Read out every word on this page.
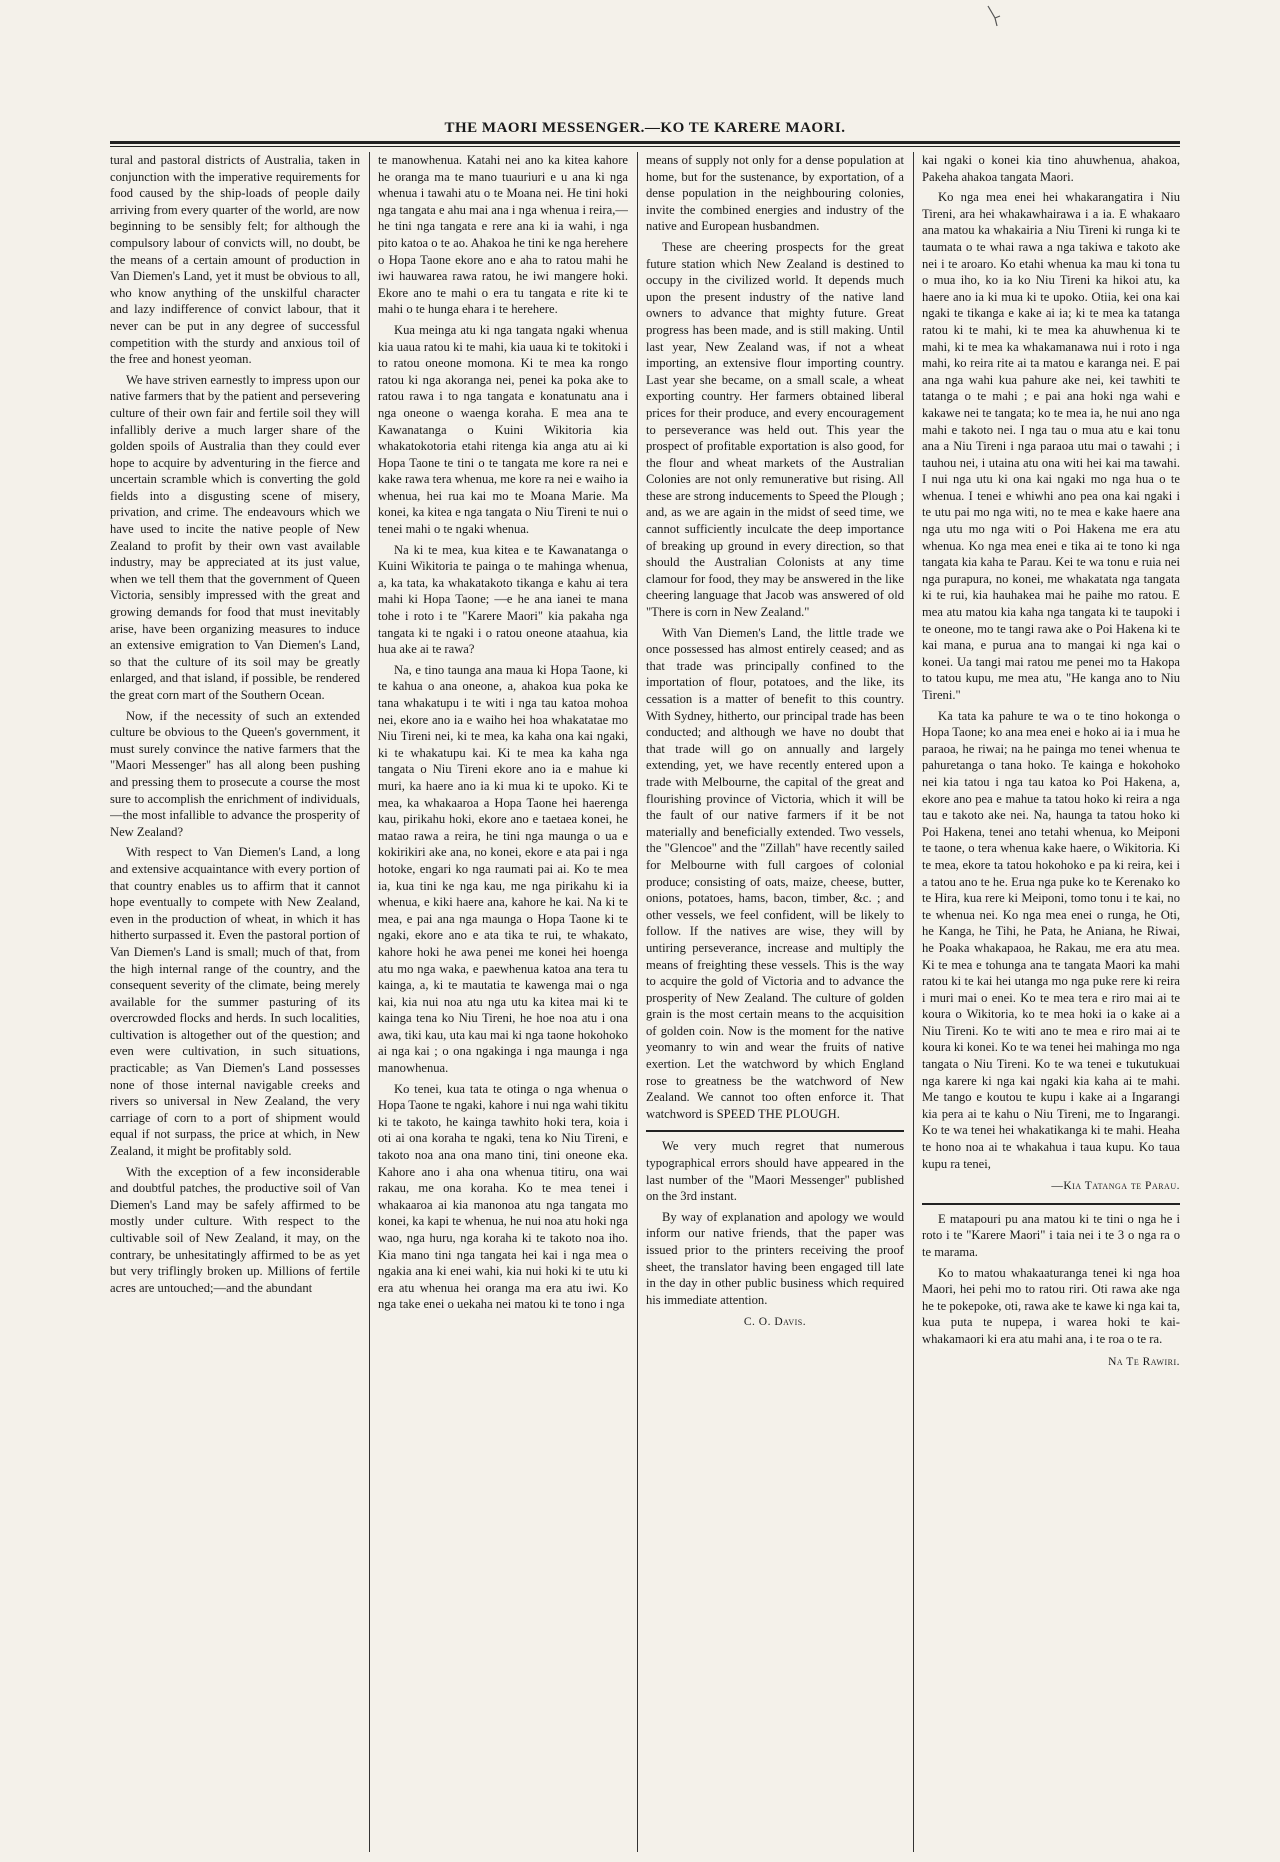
THE MAORI MESSENGER.—KO TE KARERE MAORI.

tural and pastoral districts of Australia, taken in conjunction with the imperative requirements for food caused by the ship-loads of people daily arriving from every quarter of the world, are now beginning to be sensibly felt; for although the compulsory labour of convicts will, no doubt, be the means of a certain amount of production in Van Diemen's Land, yet it must be obvious to all, who know anything of the unskilful character and lazy indifference of convict labour, that it never can be put in any degree of successful competition with the sturdy and anxious toil of the free and honest yeoman.

We have striven earnestly to impress upon our native farmers that by the patient and persevering culture of their own fair and fertile soil they will infallibly derive a much larger share of the golden spoils of Australia than they could ever hope to acquire by adventuring in the fierce and uncertain scramble which is converting the gold fields into a disgusting scene of misery, privation, and crime. The endeavours which we have used to incite the native people of New Zealand to profit by their own vast available industry, may be appreciated at its just value, when we tell them that the government of Queen Victoria, sensibly impressed with the great and growing demands for food that must inevitably arise, have been organizing measures to induce an extensive emigration to Van Diemen's Land, so that the culture of its soil may be greatly enlarged, and that island, if possible, be rendered the great corn mart of the Southern Ocean.

Now, if the necessity of such an extended culture be obvious to the Queen's government, it must surely convince the native farmers that the "Maori Messenger" has all along been pushing and pressing them to prosecute a course the most sure to accomplish the enrichment of individuals, —the most infallible to advance the prosperity of New Zealand?

With respect to Van Diemen's Land, a long and extensive acquaintance with every portion of that country enables us to affirm that it cannot hope eventually to compete with New Zealand, even in the production of wheat, in which it has hitherto surpassed it. Even the pastoral portion of Van Diemen's Land is small; much of that, from the high internal range of the country, and the consequent severity of the climate, being merely available for the summer pasturing of its overcrowded flocks and herds. In such localities, cultivation is altogether out of the question; and even were cultivation, in such situations, practicable; as Van Diemen's Land possesses none of those internal navigable creeks and rivers so universal in New Zealand, the very carriage of corn to a port of shipment would equal if not surpass, the price at which, in New Zealand, it might be profitably sold.

With the exception of a few inconsiderable and doubtful patches, the productive soil of Van Diemen's Land may be safely affirmed to be mostly under culture. With respect to the cultivable soil of New Zealand, it may, on the contrary, be unhesitatingly affirmed to be as yet but very triflingly broken up. Millions of fertile acres are untouched;—and the abundant

te manowhenua. Katahi nei ano ka kitea kahore he oranga ma te mano tuauriuri e u ana ki nga whenua i tawahi atu o te Moana nei. He tini hoki nga tangata e ahu mai ana i nga whenua i reira,—he tini nga tangata e rere ana ki ia wahi, i nga pito katoa o te ao. Ahakoa he tini ke nga herehere o Hopa Taone ekore ano e aha to ratou mahi he iwi hauwarea rawa ratou, he iwi mangere hoki. Ekore ano te mahi o era tu tangata e rite ki te mahi o te hunga ehara i te herehere.

Kua meinga atu ki nga tangata ngaki whenua kia uaua ratou ki te mahi, kia uaua ki te tokitoki i to ratou oneone momona. Ki te mea ka rongo ratou ki nga akoranga nei, penei ka poka ake to ratou rawa i to nga tangata e konatunatu ana i nga oneone o waenga koraha. E mea ana te Kawanatanga o Kuini Wikitoria kia whakatokotoria etahi ritenga kia anga atu ai ki Hopa Taone te tini o te tangata me kore ra nei e kake rawa tera whenua, me kore ra nei e waiho ia whenua, hei rua kai mo te Moana Marie. Ma konei, ka kitea e nga tangata o Niu Tireni te nui o tenei mahi o te ngaki whenua.

Na ki te mea, kua kitea e te Kawanatanga o Kuini Wikitoria te painga o te mahinga whenua, a, ka tata, ka whakatakoto tikanga e kahu ai tera mahi ki Hopa Taone; —e he ana ianei te mana tohe i roto i te "Karere Maori" kia pakaha nga tangata ki te ngaki i o ratou oneone ataahua, kia hua ake ai te rawa?

Na, e tino taunga ana maua ki Hopa Taone, ki te kahua o ana oneone, a, ahakoa kua poka ke tana whakatupu i te witi i nga tau katoa mohoa nei, ekore ano ia e waiho hei hoa whakatatae mo Niu Tireni nei, ki te mea, ka kaha ona kai ngaki, ki te whakatupu kai. Ki te mea ka kaha nga tangata o Niu Tireni ekore ano ia e mahue ki muri, ka haere ano ia ki mua ki te upoko. Ki te mea, ka whakaaroa a Hopa Taone hei haerenga kau, pirikahu hoki, ekore ano e taetaea konei, he matao rawa a reira, he tini nga maunga o ua e kokirikiri ake ana, no konei, ekore e ata pai i nga hotoke, engari ko nga raumati pai ai. Ko te mea ia, kua tini ke nga kau, me nga pirikahu ki ia whenua, e kiki haere ana, kahore he kai. Na ki te mea, e pai ana nga maunga o Hopa Taone ki te ngaki, ekore ano e ata tika te rui, te whakato, kahore hoki he awa penei me konei hei hoenga atu mo nga waka, e paewhenua katoa ana tera tu kainga, a, ki te mautatia te kawenga mai o nga kai, kia nui noa atu nga utu ka kitea mai ki te kainga tena ko Niu Tireni, he hoe noa atu i ona awa, tiki kau, uta kau mai ki nga taone hokohoko ai nga kai ; o ona ngakinga i nga maunga i nga manowhenua.

Ko tenei, kua tata te otinga o nga whenua o Hopa Taone te ngaki, kahore i nui nga wahi tikitu ki te takoto, he kainga tawhito hoki tera, koia i oti ai ona koraha te ngaki, tena ko Niu Tireni, e takoto noa ana ona mano tini, tini oneone eka. Kahore ano i aha ona whenua titiru, ona wai rakau, me ona koraha. Ko te mea tenei i whakaaroa ai kia manonoa atu nga tangata mo konei, ka kapi te whenua, he nui noa atu hoki nga wao, nga huru, nga koraha ki te takoto noa iho. Kia mano tini nga tangata hei kai i nga mea o ngakia ana ki enei wahi, kia nui hoki ki te utu ki era atu whenua hei oranga ma era atu iwi. Ko nga take enei o uekaha nei matou ki te tono i nga

means of supply not only for a dense population at home, but for the sustenance, by exportation, of a dense population in the neighbouring colonies, invite the combined energies and industry of the native and European husbandmen.

These are cheering prospects for the great future station which New Zealand is destined to occupy in the civilized world. It depends much upon the present industry of the native land owners to advance that mighty future. Great progress has been made, and is still making. Until last year, New Zealand was, if not a wheat importing, an extensive flour importing country. Last year she became, on a small scale, a wheat exporting country. Her farmers obtained liberal prices for their produce, and every encouragement to perseverance was held out. This year the prospect of profitable exportation is also good, for the flour and wheat markets of the Australian Colonies are not only remunerative but rising. All these are strong inducements to Speed the Plough ; and, as we are again in the midst of seed time, we cannot sufficiently inculcate the deep importance of breaking up ground in every direction, so that should the Australian Colonists at any time clamour for food, they may be answered in the like cheering language that Jacob was answered of old "There is corn in New Zealand."

With Van Diemen's Land, the little trade we once possessed has almost entirely ceased; and as that trade was principally confined to the importation of flour, potatoes, and the like, its cessation is a matter of benefit to this country. With Sydney, hitherto, our principal trade has been conducted; and although we have no doubt that that trade will go on annually and largely extending, yet, we have recently entered upon a trade with Melbourne, the capital of the great and flourishing province of Victoria, which it will be the fault of our native farmers if it be not materially and beneficially extended. Two vessels, the "Glencoe" and the "Zillah" have recently sailed for Melbourne with full cargoes of colonial produce; consisting of oats, maize, cheese, butter, onions, potatoes, hams, bacon, timber, &c. ; and other vessels, we feel confident, will be likely to follow. If the natives are wise, they will by untiring perseverance, increase and multiply the means of freighting these vessels. This is the way to acquire the gold of Victoria and to advance the prosperity of New Zealand. The culture of golden grain is the most certain means to the acquisition of golden coin. Now is the moment for the native yeomanry to win and wear the fruits of native exertion. Let the watchword by which England rose to greatness be the watchword of New Zealand. We cannot too often enforce it. That watchword is SPEED THE PLOUGH.

We very much regret that numerous typographical errors should have appeared in the last number of the "Maori Messenger" published on the 3rd instant.

By way of explanation and apology we would inform our native friends, that the paper was issued prior to the printers receiving the proof sheet, the translator having been engaged till late in the day in other public business which required his immediate attention.

C. O. Davis.

kai ngaki o konei kia tino ahuwhenua, ahakoa, Pakeha ahakoa tangata Maori.

Ko nga mea enei hei whakarangatira i Niu Tireni, ara hei whakawhairawa i a ia. E whakaaro ana matou ka whakairia a Niu Tireni ki runga ki te taumata o te whai rawa a nga takiwa e takoto ake nei i te aroaro. Ko etahi whenua ka mau ki tona tu o mua iho, ko ia ko Niu Tireni ka hikoi atu, ka haere ano ia ki mua ki te upoko. Otiia, kei ona kai ngaki te tikanga e kake ai ia; ki te mea ka tatanga ratou ki te mahi, ki te mea ka ahuwhenua ki te mahi, ki te mea ka whakamanawa nui i roto i nga mahi, ko reira rite ai ta matou e karanga nei. E pai ana nga wahi kua pahure ake nei, kei tawhiti te tatanga o te mahi ; e pai ana hoki nga wahi e kakawe nei te tangata; ko te mea ia, he nui ano nga mahi e takoto nei. I nga tau o mua atu e kai tonu ana a Niu Tireni i nga paraoa utu mai o tawahi ; i tauhou nei, i utaina atu ona witi hei kai ma tawahi. I nui nga utu ki ona kai ngaki mo nga hua o te whenua. I tenei e whiwhi ano pea ona kai ngaki i te utu pai mo nga witi, no te mea e kake haere ana nga utu mo nga witi o Poi Hakena me era atu whenua. Ko nga mea enei e tika ai te tono ki nga tangata kia kaha te Parau. Kei te wa tonu e ruia nei nga purapura, no konei, me whakatata nga tangata ki te rui, kia hauhakea mai he paihe mo ratou. E mea atu matou kia kaha nga tangata ki te taupoki i te oneone, mo te tangi rawa ake o Poi Hakena ki te kai mana, e purua ana to mangai ki nga kai o konei. Ua tangi mai ratou me penei mo ta Hakopa to tatou kupu, me mea atu, "He kanga ano to Niu Tireni."

Ka tata ka pahure te wa o te tino hokonga o Hopa Taone; ko ana mea enei e hoko ai ia i mua he paraoa, he riwai; na he painga mo tenei whenua te pahuretanga o tana hoko. Te kainga e hokohoko nei kia tatou i nga tau katoa ko Poi Hakena, a, ekore ano pea e mahue ta tatou hoko ki reira a nga tau e takoto ake nei. Na, haunga ta tatou hoko ki Poi Hakena, tenei ano tetahi whenua, ko Meiponi te taone, o tera whenua kake haere, o Wikitoria. Ki te mea, ekore ta tatou hokohoko e pa ki reira, kei i a tatou ano te he. Erua nga puke ko te Kerenako ko te Hira, kua rere ki Meiponi, tomo tonu i te kai, no te whenua nei. Ko nga mea enei o runga, he Oti, he Kanga, he Tihi, he Pata, he Aniana, he Riwai, he Poaka whakapaoa, he Rakau, me era atu mea. Ki te mea e tohunga ana te tangata Maori ka mahi ratou ki te kai hei utanga mo nga puke rere ki reira i muri mai o enei. Ko te mea tera e riro mai ai te koura o Wikitoria, ko te mea hoki ia o kake ai a Niu Tireni. Ko te witi ano te mea e riro mai ai te koura ki konei. Ko te wa tenei hei mahinga mo nga tangata o Niu Tireni. Ko te wa tenei e tukutukuai nga karere ki nga kai ngaki kia kaha ai te mahi. Me tango e koutou te kupu i kake ai a Ingarangi kia pera ai te kahu o Niu Tireni, me to Ingarangi. Ko te wa tenei hei whakatikanga ki te mahi. Heaha te hono noa ai te whakahua i taua kupu. Ko taua kupu ra tenei,

—Kia Tatanga te Parau.

E matapouri pu ana matou ki te tini o nga he i roto i te "Karere Maori" i taia nei i te 3 o nga ra o te marama.

Ko to matou whakaaturanga tenei ki nga hoa Maori, hei pehi mo to ratou riri. Oti rawa ake nga he te pokepoke, oti, rawa ake te kawe ki nga kai ta, kua puta te nupepa, i warea hoki te kai-whakamaori ki era atu mahi ana, i te roa o te ra.

Na Te Rawiri.
